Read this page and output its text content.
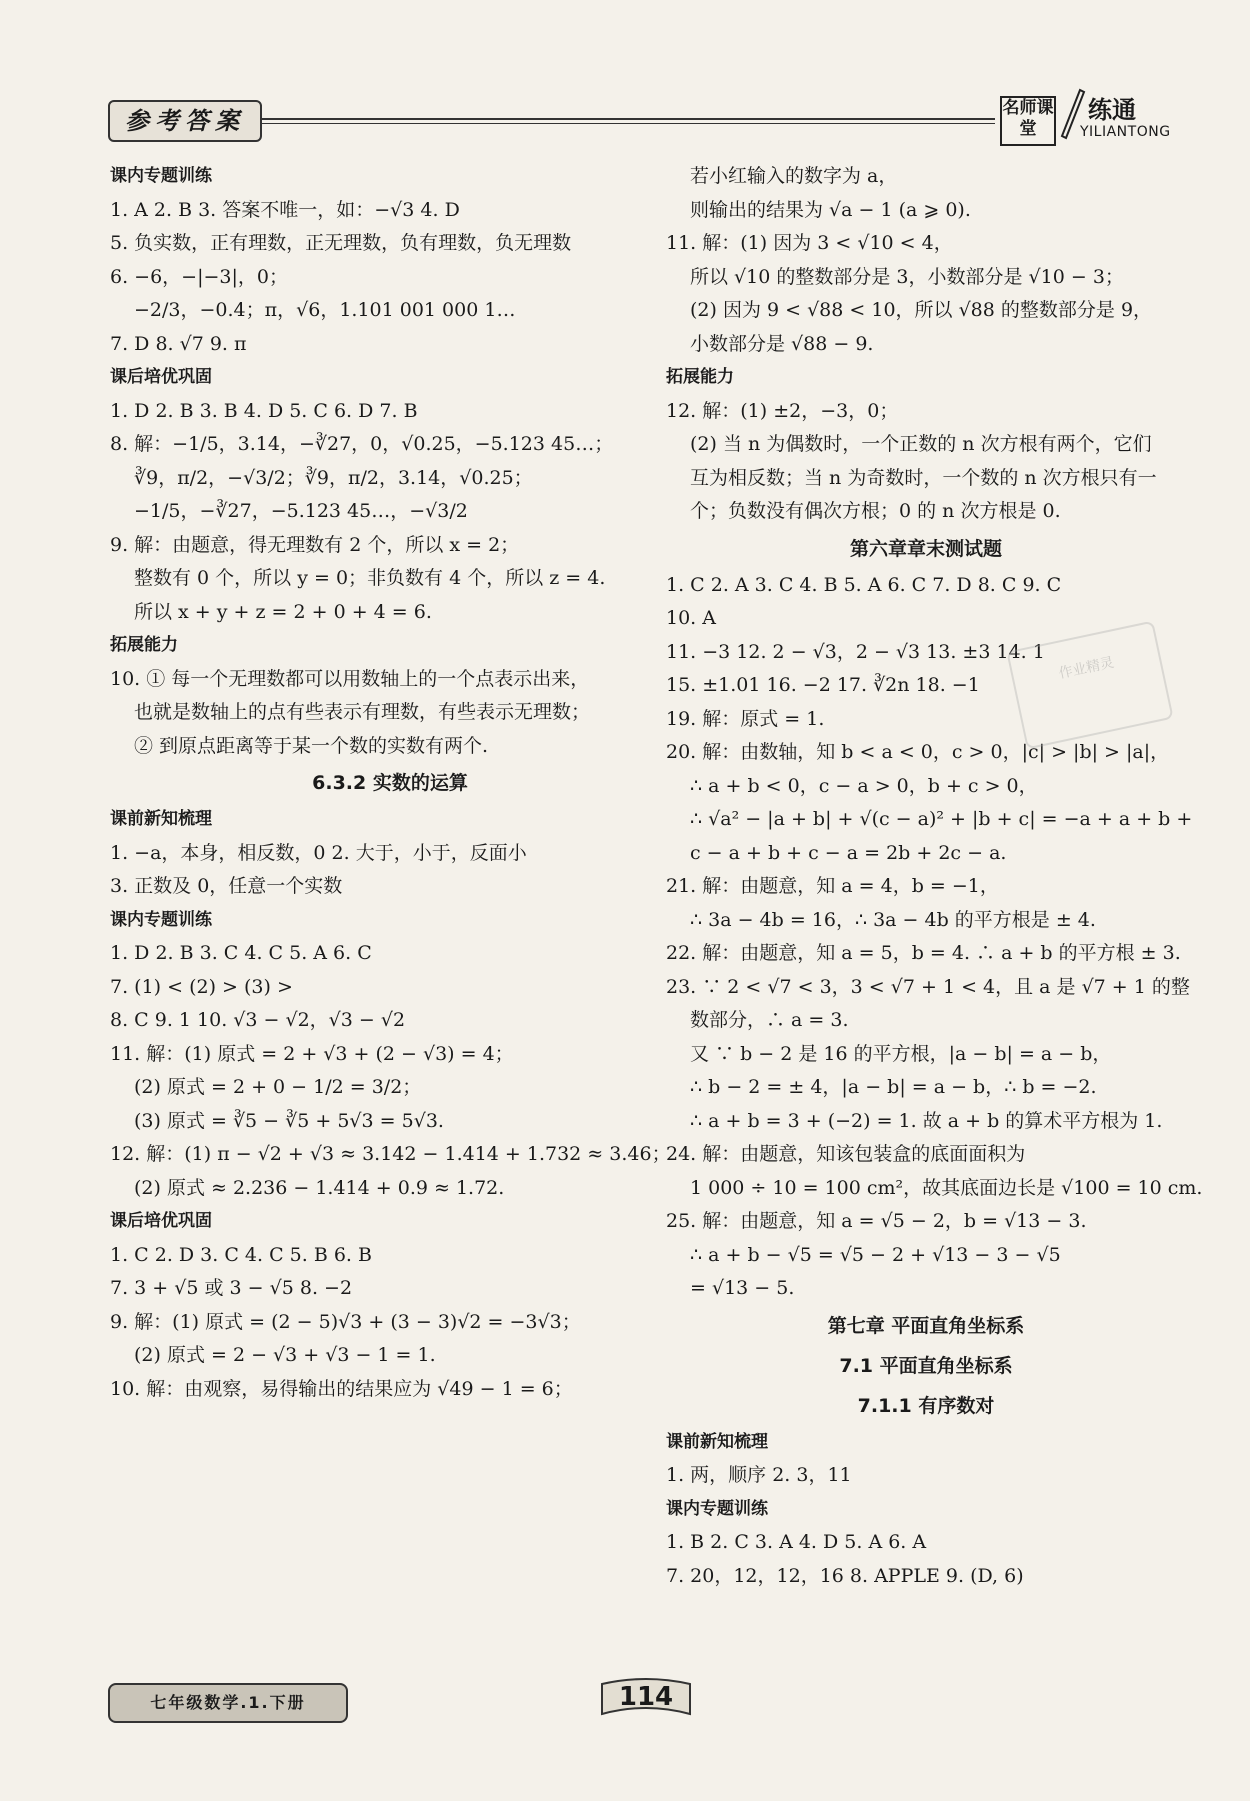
参考答案	名师课堂
练通
YILIANTONG
课内专题训练
1. A 2. B 3. 答案不唯一，如：−√3 4. D
5. 负实数，正有理数，正无理数，负有理数，负无理数
6. −6，−|−3|，0；
−2/3，−0.4；π，√6，1.101 001 000 1…
7. D 8. √7 9. π
课后培优巩固
1. D 2. B 3. B 4. D 5. C 6. D 7. B
8. 解：−1/5，3.14，−∛27，0，√0.25，−5.123 45…；
∛9，π/2，−√3/2；∛9，π/2，3.14，√0.25；
−1/5，−∛27，−5.123 45…，−√3/2
9. 解：由题意，得无理数有 2 个，所以 x = 2；
整数有 0 个，所以 y = 0；非负数有 4 个，所以 z = 4.
所以 x + y + z = 2 + 0 + 4 = 6.
拓展能力
10. ① 每一个无理数都可以用数轴上的一个点表示出来，
也就是数轴上的点有些表示有理数，有些表示无理数；
② 到原点距离等于某一个数的实数有两个.
6.3.2 实数的运算
课前新知梳理
1. −a，本身，相反数，0 2. 大于，小于，反面小
3. 正数及 0，任意一个实数
课内专题训练
1. D 2. B 3. C 4. C 5. A 6. C
7. (1) < (2) > (3) >
8. C 9. 1 10. √3 − √2，√3 − √2
11. 解：(1) 原式 = 2 + √3 + (2 − √3) = 4；
(2) 原式 = 2 + 0 − 1/2 = 3/2；
(3) 原式 = ∛5 − ∛5 + 5√3 = 5√3.
12. 解：(1) π − √2 + √3 ≈ 3.142 − 1.414 + 1.732 ≈ 3.46；
(2) 原式 ≈ 2.236 − 1.414 + 0.9 ≈ 1.72.
课后培优巩固
1. C 2. D 3. C 4. C 5. B 6. B
7. 3 + √5 或 3 − √5 8. −2
9. 解：(1) 原式 = (2 − 5)√3 + (3 − 3)√2 = −3√3；
(2) 原式 = 2 − √3 + √3 − 1 = 1.
10. 解：由观察，易得输出的结果应为 √49 − 1 = 6；
若小红输入的数字为 a，
则输出的结果为 √a − 1 (a ⩾ 0).
11. 解：(1) 因为 3 < √10 < 4，
所以 √10 的整数部分是 3，小数部分是 √10 − 3；
(2) 因为 9 < √88 < 10，所以 √88 的整数部分是 9，
小数部分是 √88 − 9.
拓展能力
12. 解：(1) ±2，−3，0；
(2) 当 n 为偶数时，一个正数的 n 次方根有两个，它们
互为相反数；当 n 为奇数时，一个数的 n 次方根只有一
个；负数没有偶次方根；0 的 n 次方根是 0.
第六章章末测试题
1. C 2. A 3. C 4. B 5. A 6. C 7. D 8. C 9. C
10. A
11. −3 12. 2 − √3，2 − √3 13. ±3 14. 1
15. ±1.01 16. −2 17. ∛2n 18. −1
19. 解：原式 = 1.
20. 解：由数轴，知 b < a < 0，c > 0，|c| > |b| > |a|，
∴ a + b < 0，c − a > 0，b + c > 0，
∴ √a² − |a + b| + √(c − a)² + |b + c| = −a + a + b +
c − a + b + c − a = 2b + 2c − a.
21. 解：由题意，知 a = 4，b = −1，
∴ 3a − 4b = 16，∴ 3a − 4b 的平方根是 ± 4.
22. 解：由题意，知 a = 5，b = 4. ∴ a + b 的平方根 ± 3.
23. ∵ 2 < √7 < 3，3 < √7 + 1 < 4，且 a 是 √7 + 1 的整
数部分，∴ a = 3.
又 ∵ b − 2 是 16 的平方根，|a − b| = a − b，
∴ b − 2 = ± 4，|a − b| = a − b，∴ b = −2.
∴ a + b = 3 + (−2) = 1. 故 a + b 的算术平方根为 1.
24. 解：由题意，知该包装盒的底面面积为
1 000 ÷ 10 = 100 cm²，故其底面边长是 √100 = 10 cm.
25. 解：由题意，知 a = √5 − 2，b = √13 − 3.
∴ a + b − √5 = √5 − 2 + √13 − 3 − √5
= √13 − 5.
第七章 平面直角坐标系
7.1 平面直角坐标系
7.1.1 有序数对
课前新知梳理
1. 两，顺序 2. 3，11
课内专题训练
1. B 2. C 3. A 4. D 5. A 6. A
7. 20，12，12，16 8. APPLE 9. (D, 6)
作业精灵
七年级数学.1.下册	114
